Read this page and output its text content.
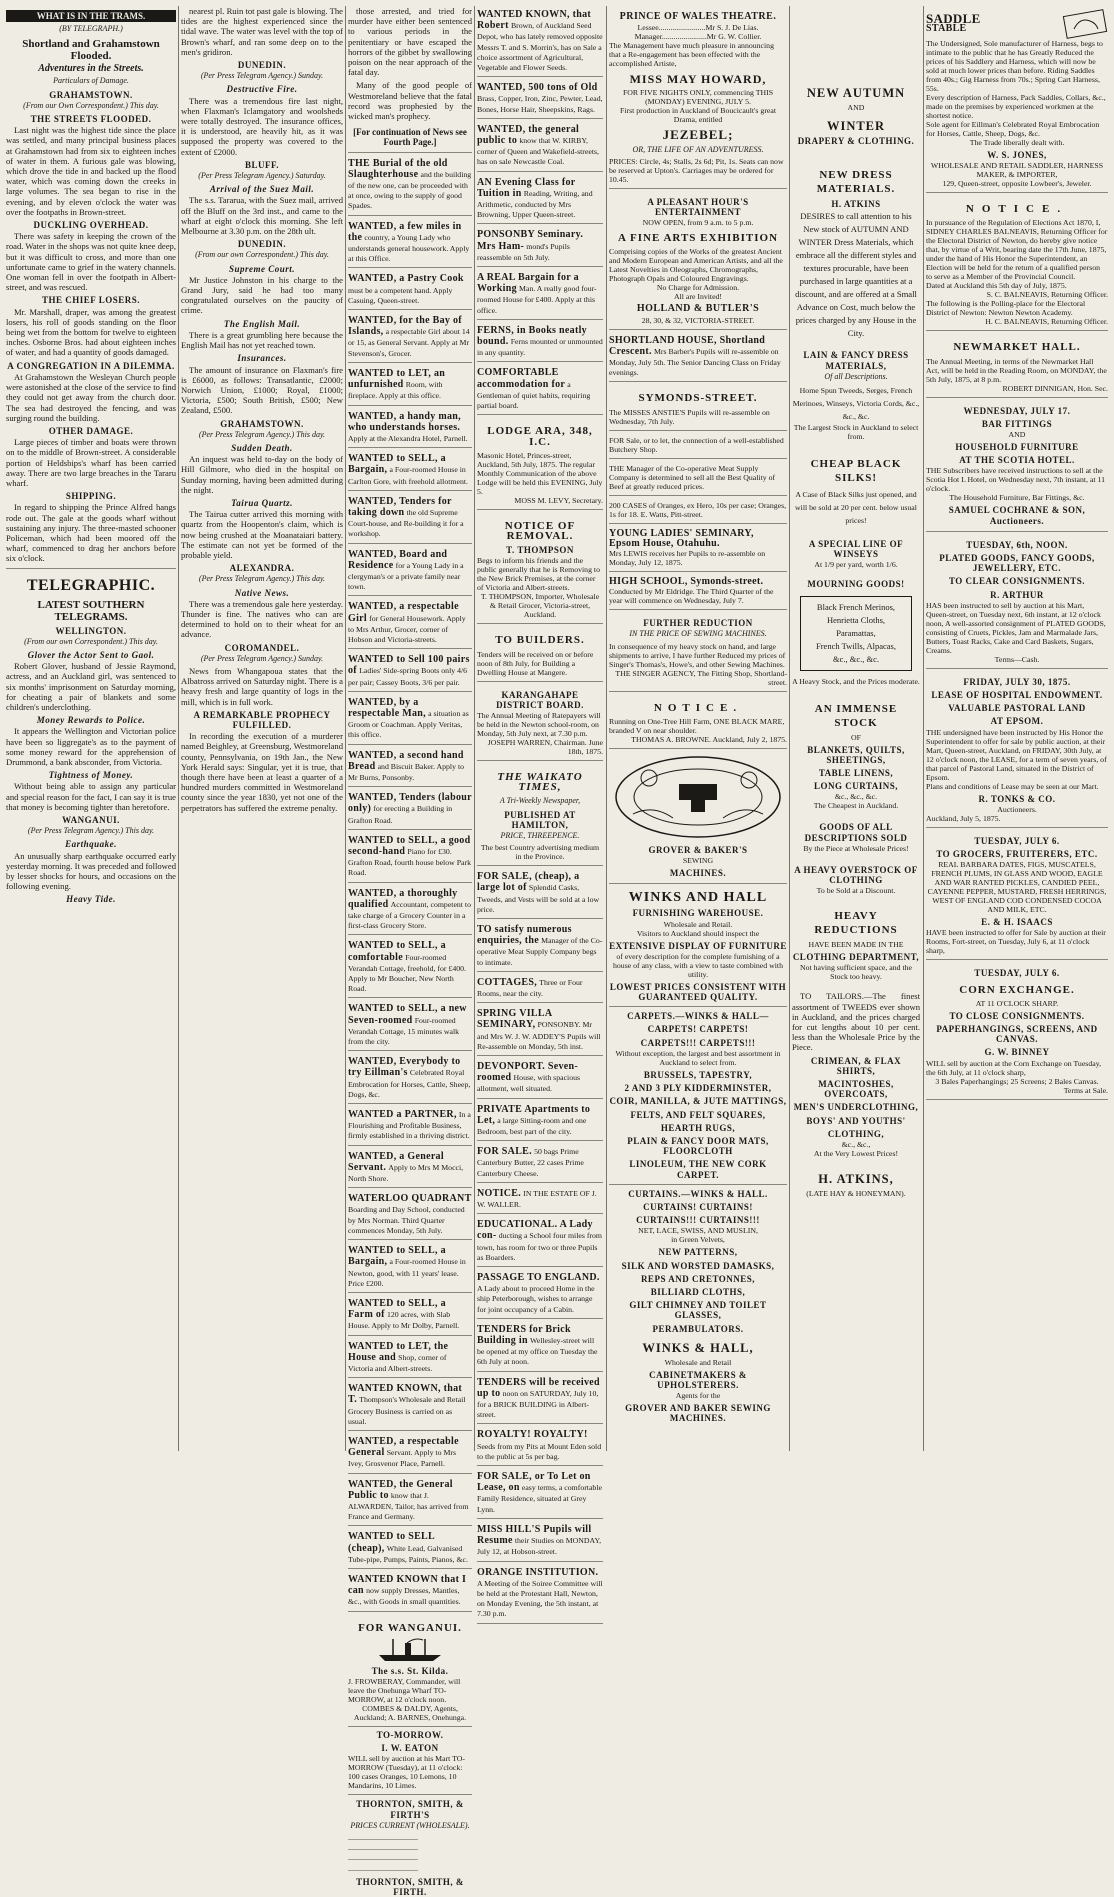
WHAT IS IN THE TRAMS.
(BY TELEGRAPH.)
Shortland and Grahamstown Flooded.
Adventures in the Streets.
Particulars of Damage.
GRAHAMSTOWN.
(From our Own Correspondent.) This day.
THE STREETS FLOODED.

Last night was the highest tide since the place was settled, and many principal business places at Grahamstown had from six to eighteen inches of water in them. A furious gale was blowing, which drove the tide in and backed up the flood water, which was coming down the creeks in large volumes. The sea began to rise in the evening, and by eleven o'clock the water was over the footpaths in Brown-street.

DUCKLING OVERHEAD.

There was safety in keeping the crown of the road. Water in the shops was not quite knee deep, but it was difficult to cross, and more than one unfortunate came to grief in the watery channels. One woman fell in over the footpath in Albert-street, and was rescued.

THE CHIEF LOSERS.

Mr. Marshall, draper, was among the greatest losers, his roll of goods standing on the floor being wet from the bottom for twelve to eighteen inches. Osborne Bros. had about eighteen inches of water, and had a quantity of goods damaged.

A CONGREGATION IN A DILEMMA.

At Grahamstown the Wesleyan Church people were astonished at the close of the service to find they could not get away from the church door. The sea had destroyed the fencing, and was surging round the building.

OTHER DAMAGE.

Large pieces of timber and boats were thrown on to the middle of Brown-street. A considerable portion of Heldsbips's wharf has been carried away. There are two large breaches in the Tararu wharf.

SHIPPING.

In regard to shipping the Prince Alfred hangs rode out. The gale at the goods wharf without sustaining any injury. The three-masted schooner Policeman, which had been moored off the wharf, commenced to drag her anchors before six o'clock.

TELEGRAPHIC.
LATEST SOUTHERN TELEGRAMS.
WELLINGTON.
(From our own Correspondent.) This day.
Glover the Actor Sent to Gaol.

Robert Glover, husband of Jessie Raymond, actress, and an Auckland girl, was sentenced to six months' imprisonment on Saturday morning, for cheating a pair of blankets and some children's underclothing.

Money Rewards to Police.

It appears the Wellington and Victorian police have been so liggregate's as to the payment of some money reward for the apprehension of Drummond, a bank absconder, from Victoria.

Tightness of Money.

Without being able to assign any particular and special reason for the fact, I can say it is true that money is becoming tighter than heretofore.

WANGANUI.
(Per Press Telegram Agency.) This day.
Earthquake.

An unusually sharp earthquake occurred early yesterday morning. It was preceded and followed by lesser shocks for hours, and occasions on the following evening.

Heavy Tide.

nearest pl. Ruin tot past gale is blowing. The tides are the highest experienced since the tidal wave. The water was level with the top of Brown's wharf, and ran some deep on to the men's gridiron.

DUNEDIN.
(Per Press Telegram Agency.) Sunday.
Destructive Fire.

There was a tremendous fire last night, when Flaxman's Iclamgatory and woolsheds were totally destroyed. The insurance offices, it is understood, are heavily hit, as it was supposed the property was covered to the extent of £2000.

BLUFF.
(Per Press Telegram Agency.) Saturday.
Arrival of the Suez Mail.

The s.s. Tararua, with the Suez mail, arrived off the Bluff on the 3rd inst., and came to the wharf at eight o'clock this morning. She left Melbourne at 3.30 p.m. on the 28th ult.

DUNEDIN.
(From our own Correspondent.) This day.
Supreme Court.

Mr Justice Johnston in his charge to the Grand Jury, said he had too many congratulated ourselves on the paucity of crime.

The English Mail.

There is a great grumbling here because the English Mail has not yet reached town.

Insurances.

The amount of insurance on Flaxman's fire is £6000, as follows: Transatlantic, £2000; Norwich Union, £1000; Royal, £1000; Victoria, £500; South British, £500; New Zealand, £500.

GRAHAMSTOWN.
(Per Press Telegram Agency.) This day.
Sudden Death.

An inquest was held to-day on the body of Hill Gilmore, who died in the hospital on Sunday morning, having been admitted during the night.

Tairua Quartz.

The Tairua cutter arrived this morning with quartz from the Hoopenton's claim, which is now being crushed at the Moanataiari battery. The estimate can not yet be formed of the probable yield.

ALEXANDRA.
(Per Press Telegram Agency.) This day.
Native News.

There was a tremendous gale here yesterday. Thunder is fine. The natives who can are determined to hold on to their wheat for an advance.

COROMANDEL.
(Per Press Telegram Agency.) Sunday.

News from Whangapoua states that the Albatross arrived on Saturday night. There is a heavy fresh and large quantity of logs in the mill, which is in full work.

A REMARKABLE PROPHECY FULFILLED.

In recording the execution of a murderer named Beighley, at Greensburg, Westmoreland county, Pennsylvania, on 19th Jan., the New York Herald says: Singular, yet it is true, that though there have been at least a quarter of a hundred murders committed in Westmoreland county since the year 1830, yet not one of the perpetrators has suffered the extreme penalty.

those arrested, and tried for murder have either been sentenced to various periods in the penitentiary or have escaped the horrors of the gibbet by swallowing poison on the near approach of the fatal day.

Many of the good people of Westmoreland believe that the fatal record was prophesied by the wicked man's prophecy.

[For continuation of News see Fourth Page.]
THE Burial of the old Slaughterhouse and the building of the new one, can be proceeded with at once, owing to the supply of good Spades.
WANTED, a few miles in the country, a Young Lady who understands general housework. Apply at this Office.
WANTED, a Pastry Cook must be a competent hand. Apply Casuing, Queen-street.
WANTED, for the Bay of Islands, a respectable Girl about 14 or 15, as General Servant. Apply at Mr Stevenson's, Grocer.
WANTED to LET, an unfurnished Room, with fireplace. Apply at this office.
WANTED, a handy man, who understands horses. Apply at the Alexandra Hotel, Parnell.
WANTED to SELL, a Bargain, a Four-roomed House in Carlton Gore, with freehold allotment.
WANTED, Tenders for taking down the old Supreme Court-house, and Re-building it for a workshop.
WANTED, Board and Residence for a Young Lady in a clergyman's or a private family near town.
WANTED, a respectable Girl for General Housework. Apply to Mrs Arthur, Grocer, corner of Hobson and Victoria-streets.
WANTED to Sell 100 pairs of Ladies' Side-spring Boots only 4/6 per pair; Cassey Boots, 3/6 per pair.
WANTED, by a respectable Man, a situation as Groom or Coachman. Apply Veritas, this office.
WANTED, a second hand Bread and Biscuit Baker. Apply to Mr Burns, Ponsonby.
WANTED, Tenders (labour only) for erecting a Building in Grafton Road.
WANTED to SELL, a good second-hand Piano for £30. Grafton Road, fourth house below Park Road.
WANTED, a thoroughly qualified Accountant, competent to take charge of a Grocery Counter in a first-class Grocery Store.
WANTED to SELL, a comfortable Four-roomed Verandah Cottage, freehold, for £400. Apply to Mr Boucher, New North Road.
WANTED to SELL, a new Seven-roomed Four-roomed Verandah Cottage, 15 minutes walk from the city.
WANTED, Everybody to try Eillman's Celebrated Royal Embrocation for Horses, Cattle, Sheep, Dogs, &c.
WANTED a PARTNER, In a Flourishing and Profitable Business, firmly established in a thriving district.
WANTED, a General Servant. Apply to Mrs M Mocci, North Shore.
WATERLOO QUADRANT Boarding and Day School, conducted by Mrs Norman. Third Quarter commences Monday, 5th July.
WANTED to SELL, a Bargain, a Four-roomed House in Newton, good, with 11 years' lease. Price £200.
WANTED to SELL, a Farm of 120 acres, with Slab House. Apply to Mr Dolby, Parnell.
WANTED to LET, the House and Shop, corner of Victoria and Albert-streets.
WANTED KNOWN, that T. Thompson's Wholesale and Retail Grocery Business is carried on as usual.
WANTED, a respectable General Servant. Apply to Mrs Ivey, Grosvenor Place, Parnell.
WANTED, the General Public to know that J. ALWARDEN, Tailor, has arrived from France and Germany.
WANTED to SELL (cheap), White Lead, Galvanised Tube-pipe, Pumps, Paints, Pianos, &c.
WANTED KNOWN that I can now supply Dresses, Mantles, &c., with Goods in small quantities.
FOR WANGANUI.
The s.s. St. Kilda.
J. FROWBERAY, Commander, will leave the Onehunga Wharf TO-MORROW, at 12 o'clock noon.
COMBES & DALDY, Agents, Auckland; A. BARNES, Onehunga.
TO-MORROW.
I. W. EATON
WILL sell by auction at his Mart TO-MORROW (Tuesday), at 11 o'clock: 100 cases Oranges, 10 Lemons, 10 Mandarins, 10 Limes.
THORNTON, SMITH, & FIRTH'S
PRICES CURRENT (WHOLESALE).
...................................
...................................
...................................
...................................
THORNTON, SMITH, & FIRTH.
WANTED KNOWN, that Robert Brown, of Auckland Seed Depot, who has lately removed opposite Messrs T. and S. Morrin's, has on Sale a choice assortment of Agricultural, Vegetable and Flower Seeds.
WANTED, 500 tons of Old Brass, Copper, Iron, Zinc, Pewter, Lead, Bones, Horse Hair, Sheepskins, Rags.
WANTED, the general public to know that W. KIRBY, corner of Queen and Wakefield-streets, has on sale Newcastle Coal.
AN Evening Class for Tuition in Reading, Writing, and Arithmetic, conducted by Mrs Browning, Upper Queen-street.
PONSONBY Seminary. Mrs Ham- mond's Pupils reassemble on 5th July.
A REAL Bargain for a Working Man. A really good four-roomed House for £400. Apply at this office.
FERNS, in Books neatly bound. Ferns mounted or unmounted in any quantity.
COMFORTABLE accommodation for a Gentleman of quiet habits, requiring partial board.
LODGE ARA, 348, I.C.
Masonic Hotel, Princes-street, Auckland, 5th July, 1875. The regular Monthly Communication of the above Lodge will be held this EVENING, July 5.
MOSS M. LEVY, Secretary.
NOTICE OF REMOVAL.
T. THOMPSON
Begs to inform his friends and the public generally that he is Removing to the New Brick Premises, at the corner of Victoria and Albert-streets.
T. THOMPSON, Importer, Wholesale & Retail Grocer, Victoria-street, Auckland.
TO BUILDERS.
Tenders will be received on or before noon of 8th July, for Building a Dwelling House at Mangere.
KARANGAHAPE DISTRICT BOARD.
The Annual Meeting of Ratepayers will be held in the Newton school-room, on Monday, 5th July next, at 7.30 p.m.
JOSEPH WARREN, Chairman. June 18th, 1875.
THE WAIKATO TIMES,
A Tri-Weekly Newspaper,
PUBLISHED AT HAMILTON,
PRICE, THREEPENCE.
The best Country advertising medium in the Province.
FOR SALE, (cheap), a large lot of Splendid Casks, Tweeds, and Vests will be sold at a low price.
TO satisfy numerous enquiries, the Manager of the Co-operative Meat Supply Company begs to intimate.
COTTAGES, Three or Four Rooms, near the city.
SPRING VILLA SEMINARY, PONSONBY. Mr and Mrs W. J. W. ADDEY'S Pupils will Re-assemble on Monday, 5th inst.
DEVONPORT. Seven-roomed House, with spacious allotment, well situated.
PRIVATE Apartments to Let, a large Sitting-room and one Bedroom, best part of the city.
FOR SALE. 50 bags Prime Canterbury Butter, 22 cases Prime Canterbury Cheese.
NOTICE. IN THE ESTATE OF J. W. WALLER.
EDUCATIONAL. A Lady con- ducting a School four miles from town, has room for two or three Pupils as Boarders.
PASSAGE TO ENGLAND. A Lady about to proceed Home in the ship Peterborough, wishes to arrange for joint occupancy of a Cabin.
TENDERS for Brick Building in Wellesley-street will be opened at my office on Tuesday the 6th July at noon.
TENDERS will be received up to noon on SATURDAY, July 10, for a BRICK BUILDING in Albert-street.
ROYALTY! ROYALTY! Seeds from my Pits at Mount Eden sold to the public at 5s per bag.
FOR SALE, or To Let on Lease, on easy terms, a comfortable Family Residence, situated at Grey Lynn.
MISS HILL'S Pupils will Resume their Studies on MONDAY, July 12, at Hobson-street.
ORANGE INSTITUTION. A Meeting of the Soiree Committee will be held at the Protestant Hall, Newton, on Monday Evening, the 5th instant, at 7.30 p.m.
PRINCE OF WALES THEATRE.
Lessee........................Mr S. J. De Lias.
Manager.......................Mr G. W. Collier.
The Management have much pleasure in announcing that a Re-engagement has been effected with the accomplished Artiste,
MISS MAY HOWARD,
FOR FIVE NIGHTS ONLY, commencing THIS (MONDAY) EVENING, JULY 5.
First production in Auckland of Boucicault's great Drama, entitled
JEZEBEL;
OR, THE LIFE OF AN ADVENTURESS.
PRICES: Circle, 4s; Stalls, 2s 6d; Pit, 1s. Seats can now be reserved at Upton's. Carriages may be ordered for 10.45.
A PLEASANT HOUR'S ENTERTAINMENT
NOW OPEN, from 9 a.m. to 5 p.m.
A FINE ARTS EXHIBITION
Comprising copies of the Works of the greatest Ancient and Modern European and American Artists, and all the Latest Novelties in Oleographs, Chromographs, Photograph Opals and Coloured Engravings.
No Charge for Admission.
All are Invited!
HOLLAND & BUTLER'S
28, 30, & 32, VICTORIA-STREET.
SHORTLAND HOUSE, Shortland Crescent. Mrs Barber's Pupils will re-assemble on Monday, July 5th. The Senior Dancing Class on Friday evenings.
SYMONDS-STREET.
The MISSES ANSTIE'S Pupils will re-assemble on Wednesday, 7th July.
FOR Sale, or to let, the connection of a well-established Butchery Shop.
THE Manager of the Co-operative Meat Supply Company is determined to sell all the Best Quality of Beef at greatly reduced prices.
200 CASES of Oranges, ex Hero, 10s per case; Oranges, 1s for 18. E. Watts, Pitt-street.
YOUNG LADIES' SEMINARY, Epsom House, Otahuhu.
Mrs LEWIS receives her Pupils to re-assemble on Monday, July 12, 1875.
HIGH SCHOOL, Symonds-street.
Conducted by Mr Eldridge. The Third Quarter of the year will commence on Wednesday, July 7.
FURTHER REDUCTION
IN THE PRICE OF SEWING MACHINES.
In consequence of my heavy stock on hand, and large shipments to arrive, I have further Reduced my prices of Singer's Thomas's, Howe's, and other Sewing Machines.
THE SINGER AGENCY, The Fitting Shop, Shortland-street.
NOTICE.
Running on One-Tree Hill Farm, ONE BLACK MARE, branded V on near shoulder.
THOMAS A. BROWNE. Auckland, July 2, 1875.
GROVER & BAKER'S
SEWING
MACHINES.
WINKS AND HALL
FURNISHING WAREHOUSE.
Wholesale and Retail.
Visitors to Auckland should inspect the
EXTENSIVE DISPLAY OF FURNITURE
of every description for the complete furnishing of a house of any class, with a view to taste combined with utility.
LOWEST PRICES CONSISTENT WITH GUARANTEED QUALITY.
CARPETS.—WINKS & HALL—
CARPETS! CARPETS!
CARPETS!!! CARPETS!!!
Without exception, the largest and best assortment in Auckland to select from.
BRUSSELS, TAPESTRY,
2 AND 3 PLY KIDDERMINSTER,
COIR, MANILLA, & JUTE MATTINGS,
FELTS, AND FELT SQUARES,
HEARTH RUGS,
PLAIN & FANCY DOOR MATS, FLOORCLOTH
LINOLEUM, THE NEW CORK CARPET.
CURTAINS.—WINKS & HALL.
CURTAINS! CURTAINS!
CURTAINS!!! CURTAINS!!!
NET, LACE, SWISS, AND MUSLIN,
in Green Velvets,
NEW PATTERNS,
SILK AND WORSTED DAMASKS,
REPS AND CRETONNES,
BILLIARD CLOTHS,
GILT CHIMNEY AND TOILET GLASSES,
PERAMBULATORS.
WINKS & HALL,
Wholesale and Retail
CABINETMAKERS & UPHOLSTERERS.
Agents for the
GROVER AND BAKER SEWING MACHINES.
NEW AUTUMN
AND
WINTER
DRAPERY & CLOTHING.
NEW DRESS MATERIALS.
H. ATKINS

DESIRES to call attention to his New stock of AUTUMN AND WINTER Dress Materials, which embrace all the different styles and textures procurable, have been purchased in large quantities at a discount, and are offered at a Small Advance on Cost, much below the prices charged by any House in the City.

LAIN & FANCY DRESS MATERIALS,
Of all Descriptions.
Home Spun Tweeds, Serges, French Merinoes, Winseys, Victoria Cords, &c., &c., &c.
The Largest Stock in Auckland to select from.
CHEAP BLACK SILKS!
A Case of Black Silks just opened, and will be sold at 20 per cent. below usual prices!
A SPECIAL LINE OF WINSEYS
At 1/9 per yard, worth 1/6.
MOURNING GOODS!
Black French Merinos,
Henrietta Cloths,
Paramattas,
French Twills, Alpacas,
&c., &c., &c.
A Heavy Stock, and the Prices moderate.
AN IMMENSE STOCK
OF
BLANKETS, QUILTS, SHEETINGS,
TABLE LINENS,
LONG CURTAINS,
&c., &c., &c.
The Cheapest in Auckland.
GOODS OF ALL DESCRIPTIONS SOLD
By the Piece at Wholesale Prices!
A HEAVY OVERSTOCK OF CLOTHING
To be Sold at a Discount.
HEAVY REDUCTIONS
HAVE BEEN MADE IN THE
CLOTHING DEPARTMENT,
Not having sufficient space, and the Stock too heavy.

TO TAILORS.—The finest assortment of TWEEDS ever shown in Auckland, and the prices charged for cut lengths about 10 per cent. less than the Wholesale Price by the Piece.

CRIMEAN, & FLAX SHIRTS,
MACINTOSHES, OVERCOATS,
MEN'S UNDERCLOTHING,
BOYS' AND YOUTHS'
CLOTHING,
&c., &c.,
At the Very Lowest Prices!
H. ATKINS,
(LATE HAY & HONEYMAN).
SADDLE
STABLE
The Undersigned, Sole manufacturer of Harness, begs to intimate to the public that he has Greatly Reduced the prices of his Saddlery and Harness, which will now be sold at much lower prices than before. Riding Saddles from 40s.; Gig Harness from 70s.; Spring Cart Harness, 55s.
Every description of Harness, Pack Saddles, Collars, &c., made on the premises by experienced workmen at the shortest notice.
Sole agent for Eillman's Celebrated Royal Embrocation for Horses, Cattle, Sheep, Dogs, &c.
The Trade liberally dealt with.
W. S. JONES,
WHOLESALE AND RETAIL SADDLER, HARNESS MAKER, & IMPORTER,
129, Queen-street, opposite Lowbeer's, Jeweler.
NOTICE.
In pursuance of the Regulation of Elections Act 1870, I, SIDNEY CHARLES BALNEAVIS, Returning Officer for the Electoral District of Newton, do hereby give notice that, by virtue of a Writ, bearing date the 17th June, 1875, under the hand of His Honor the Superintendent, an Election will be held for the return of a qualified person to serve as a Member of the Provincial Council.
Dated at Auckland this 5th day of July, 1875.
S. C. BALNEAVIS, Returning Officer.
The following is the Polling-place for the Electoral District of Newton: Newton Newton Academy.
H. C. BALNEAVIS, Returning Officer.
NEWMARKET HALL.
The Annual Meeting, in terms of the Newmarket Hall Act, will be held in the Reading Room, on MONDAY, the 5th July, 1875, at 8 p.m.
ROBERT DINNIGAN, Hon. Sec.
WEDNESDAY, JULY 17.
BAR FITTINGS
AND
HOUSEHOLD FURNITURE
AT THE SCOTIA HOTEL.
THE Subscribers have received instructions to sell at the Scotia Hot L Hotel, on Wednesday next, 7th instant, at 11 o'clock.
The Household Furniture, Bar Fittings, &c.
SAMUEL COCHRANE & SON, Auctioneers.
TUESDAY, 6th, NOON.
PLATED GOODS, FANCY GOODS, JEWELLERY, ETC.
TO CLEAR CONSIGNMENTS.
R. ARTHUR
HAS been instructed to sell by auction at his Mart, Queen-street, on Tuesday next, 6th instant, at 12 o'clock noon, A well-assorted consignment of PLATED GOODS, consisting of Cruets, Pickles, Jam and Marmalade Jars, Butters, Toast Racks, Cake and Card Baskets, Sugars, Creams.
Terms—Cash.
FRIDAY, JULY 30, 1875.
LEASE OF HOSPITAL ENDOWMENT.
VALUABLE PASTORAL LAND
AT EPSOM.
THE undersigned have been instructed by His Honor the Superintendent to offer for sale by public auction, at their Mart, Queen-street, Auckland, on FRIDAY, 30th July, at 12 o'clock noon, the LEASE, for a term of seven years, of that parcel of Pastoral Land, situated in the District of Epsom.
Plans and conditions of Lease may be seen at our Mart.
R. TONKS & CO.
Auctioneers.
Auckland, July 5, 1875.
TUESDAY, JULY 6.
TO GROCERS, FRUITERERS, ETC.
REAL BARBARA DATES, FIGS, MUSCATELS, FRENCH PLUMS, IN GLASS AND WOOD, EAGLE AND WAR RANTED PICKLES, CANDIED PEEL, CAYENNE PEPPER, MUSTARD, FRESH HERRINGS, WEST OF ENGLAND COD CONDENSED COCOA AND MILK, ETC.
E. & H. ISAACS
HAVE been instructed to offer for Sale by auction at their Rooms, Fort-street, on Tuesday, July 6, at 11 o'clock sharp,
TUESDAY, JULY 6.
CORN EXCHANGE.
AT 11 O'CLOCK SHARP.
TO CLOSE CONSIGNMENTS.
PAPERHANGINGS, SCREENS, AND CANVAS.
G. W. BINNEY
WILL sell by auction at the Corn Exchange on Tuesday, the 6th July, at 11 o'clock sharp,
3 Bales Paperhangings; 25 Screens; 2 Bales Canvas.
Terms at Sale.
